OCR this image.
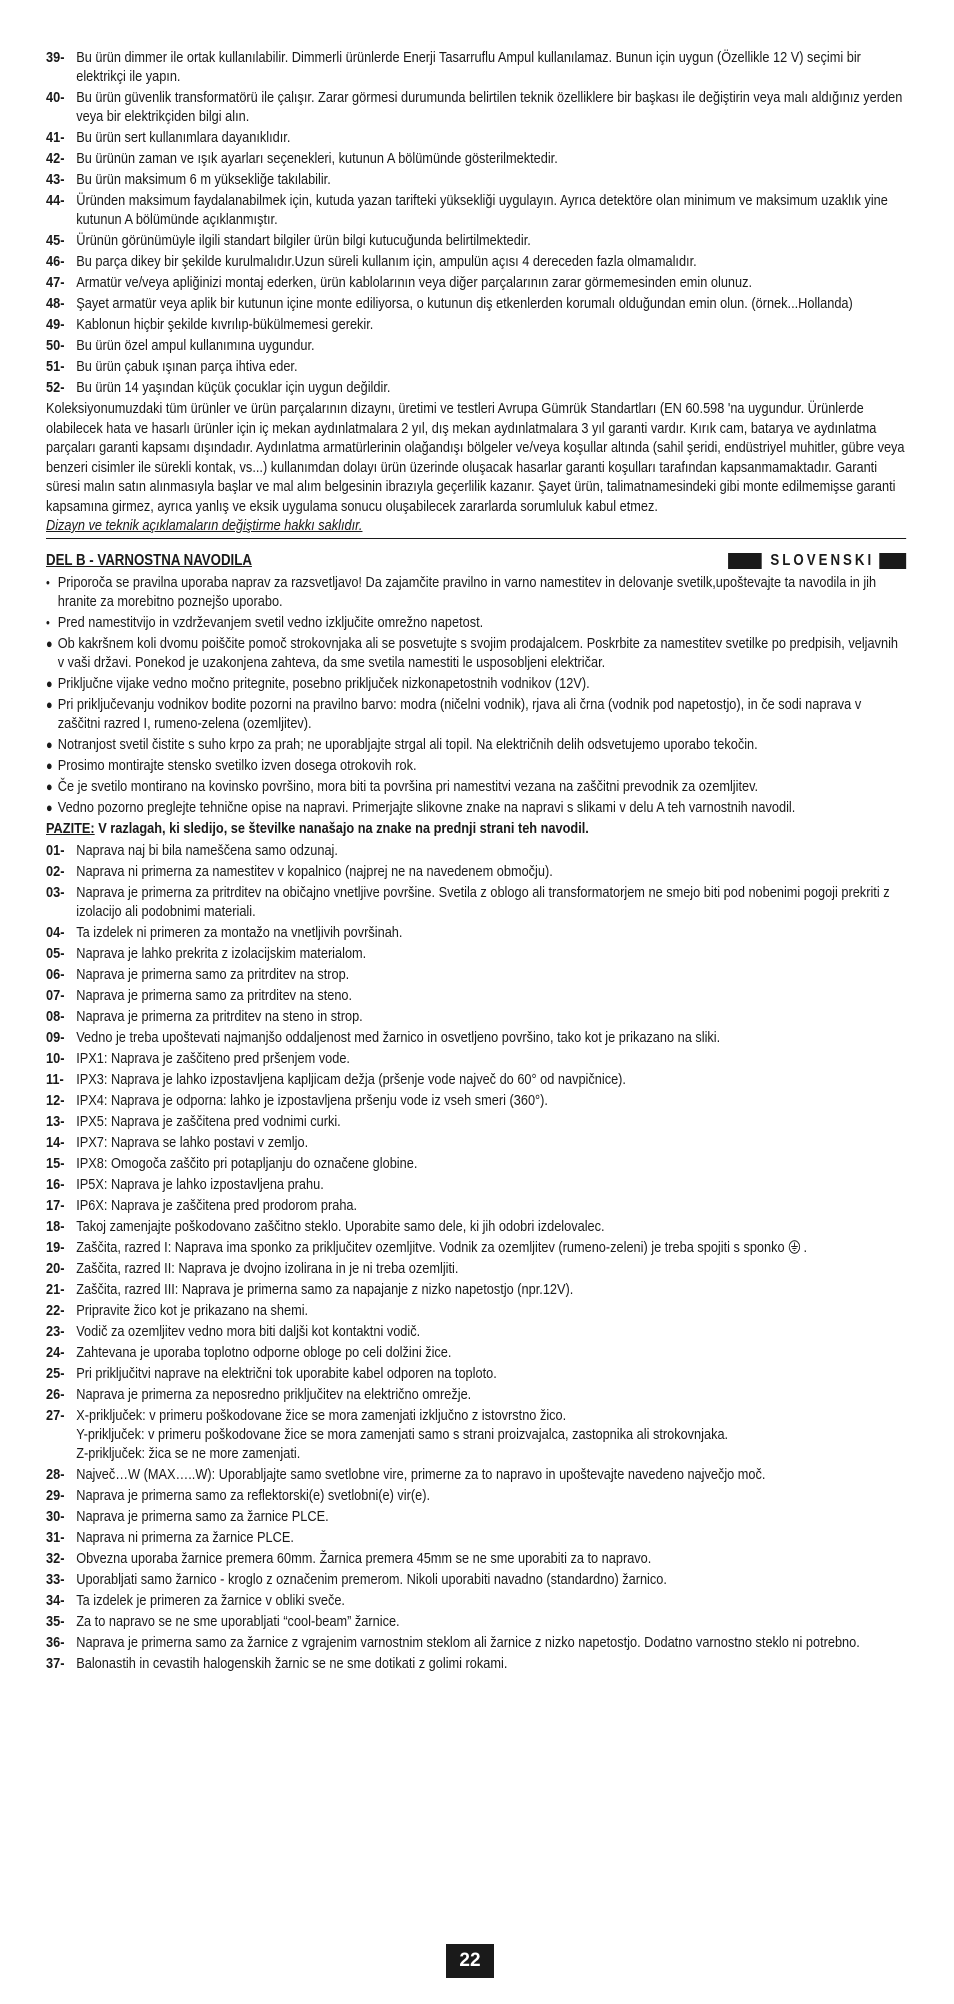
39- Bu ürün dimmer ile ortak kullanılabilir. Dimmerli ürünlerde Enerji Tasarruflu Ampul kullanılamaz. Bunun için uygun (Özellikle 12 V) seçimi bir elektrikçi ile yapın.
40- Bu ürün güvenlik transformatörü ile çalışır. Zarar görmesi durumunda belirtilen teknik özelliklere bir başkası ile değiştirin veya malı aldığınız yerden veya bir elektrikçiden bilgi alın.
41- Bu ürün sert kullanımlara dayanıklıdır.
42- Bu ürünün zaman ve ışık ayarları seçenekleri, kutunun A bölümünde gösterilmektedir.
43- Bu ürün maksimum 6 m yüksekliğe takılabilir.
44- Üründen maksimum faydalanabilmek için, kutuda yazan tarifteki yüksekliği uygulayın. Ayrıca detektöre olan minimum ve maksimum uzaklık yine kutunun A bölümünde açıklanmıştır.
45- Ürünün görünümüyle ilgili standart bilgiler ürün bilgi kutucuğunda belirtilmektedir.
46- Bu parça dikey bir şekilde kurulmalıdır.Uzun süreli kullanım için, ampulün açısı 4 dereceden fazla olmamalıdır.
47- Armatür ve/veya apliğinizi montaj ederken, ürün kablolarının veya diğer parçalarının zarar görmemesinden emin olunuz.
48- Şayet armatür veya aplik bir kutunun içine monte ediliyorsa, o kutunun diş etkenlerden korumalı olduğundan emin olun. (örnek...Hollanda)
49- Kablonun hiçbir şekilde kıvrılıp-bükülmemesi gerekir.
50- Bu ürün özel ampul kullanımına uygundur.
51- Bu ürün çabuk ışınan parça ihtiva eder.
52- Bu ürün 14 yaşından küçük çocuklar için uygun değildir.

Koleksiyonumuzdaki tüm ürünler ve ürün parçalarının dizaynı, üretimi ve testleri Avrupa Gümrük Standartları (EN 60.598 'na uygundur. Ürünlerde olabilecek hata ve hasarlı ürünler için iç mekan aydınlatmalara 2 yıl, dış mekan aydınlatmalara 3 yıl garanti vardır. Kırık cam, batarya ve aydınlatma parçaları garanti kapsamı dışındadır. Aydınlatma armatürlerinin olağandışı bölgeler ve/veya koşullar altında (sahil şeridi, endüstriyel muhitler, gübre veya benzeri cisimler ile sürekli kontak, vs...) kullanımdan dolayı ürün üzerinde oluşacak hasarlar garanti koşulları tarafından kapsanmamaktadır. Garanti süresi malın satın alınmasıyla başlar ve mal alım belgesinin ibrazıyla geçerlilik kazanır. Şayet ürün, talimatnamesindeki gibi monte edilmemişse garanti kapsamına girmez, ayrıca yanlış ve eksik uygulama sonucu oluşabilecek zararlarda sorumluluk kabul etmez.

Dizayn ve teknik açıklamaların değiştirme hakkı saklıdır.

DEL B - VARNOSTNA NAVODILA	SLOVENSKI
• Priporoča se pravilna uporaba naprav za razsvetljavo! Da zajamčite pravilno in varno namestitev in delovanje svetilk,upoštevajte ta navodila in jih hranite za morebitno poznejšo uporabo.
• Pred namestitvijo in vzdrževanjem svetil vedno izključite omrežno napetost.
● Ob kakršnem koli dvomu poiščite pomoč strokovnjaka ali se posvetujte s svojim prodajalcem. Poskrbite za namestitev svetilke po predpisih, veljavnih v vaši državi. Ponekod je uzakonjena zahteva, da sme svetila namestiti le usposobljeni električar.
● Priključne vijake vedno močno pritegnite, posebno priključek nizkonapetostnih vodnikov (12V).
● Pri priključevanju vodnikov bodite pozorni na pravilno barvo: modra (ničelni vodnik), rjava ali črna (vodnik pod napetostjo), in če sodi naprava v zaščitni razred I, rumeno-zelena (ozemljitev).
● Notranjost svetil čistite s suho krpo za prah; ne uporabljajte strgal ali topil. Na električnih delih odsvetujemo uporabo tekočin.
● Prosimo montirajte stensko svetilko izven dosega otrokovih rok.
● Če je svetilo montirano na kovinsko površino, mora biti ta površina pri namestitvi vezana na zaščitni prevodnik za ozemljitev.
● Vedno pozorno preglejte tehnične opise na napravi. Primerjajte slikovne znake na napravi s slikami v delu A teh varnostnih navodil.

PAZITE: V razlagah, ki sledijo, se številke nanašajo na znake na prednji strani teh navodil.

01- Naprava naj bi bila nameščena samo odzunaj.
02- Naprava ni primerna za namestitev v kopalnico (najprej ne na navedenem območju).
03- Naprava je primerna za pritrditev na običajno vnetljive površine. Svetila z oblogo ali transformatorjem ne smejo biti pod nobenimi pogoji prekriti z izolacijo ali podobnimi materiali.
04- Ta izdelek ni primeren za montažo na vnetljivih površinah.
05- Naprava je lahko prekrita z izolacijskim materialom.
06- Naprava je primerna samo za pritrditev na strop.
07- Naprava je primerna samo za pritrditev na steno.
08- Naprava je primerna za pritrditev na steno in strop.
09- Vedno je treba upoštevati najmanjšo oddaljenost med žarnico in osvetljeno površino, tako kot je prikazano na sliki.
10- IPX1: Naprava je zaščiteno pred pršenjem vode.
11- IPX3: Naprava je lahko izpostavljena kapljicam dežja (pršenje vode največ do 60° od navpičnice).
12- IPX4: Naprava je odporna: lahko je izpostavljena pršenju vode iz vseh smeri (360°).
13- IPX5: Naprava je zaščitena pred vodnimi curki.
14- IPX7: Naprava se lahko postavi v zemljo.
15- IPX8: Omogoča zaščito pri potapljanju do označene globine.
16- IP5X: Naprava je lahko izpostavljena prahu.
17- IP6X: Naprava je zaščitena pred prodorom praha.
18- Takoj zamenjajte poškodovano zaščitno steklo. Uporabite samo dele, ki jih odobri izdelovalec.
19- Zaščita, razred I: Naprava ima sponko za priključitev ozemljitve. Vodnik za ozemljitev (rumeno-zeleni) je treba spojiti s sponko  .
20- Zaščita, razred II: Naprava je dvojno izolirana in je ni treba ozemljiti.
21- Zaščita, razred III: Naprava je primerna samo za napajanje z nizko napetostjo (npr.12V).
22- Pripravite žico kot je prikazano na shemi.
23- Vodič za ozemljitev vedno mora biti daljši kot kontaktni vodič.
24- Zahtevana je uporaba toplotno odporne obloge po celi dolžini žice.
25- Pri priključitvi naprave na električni tok uporabite kabel odporen na toploto.
26- Naprava je primerna za neposredno priključitev na električno omrežje.
27- X-priključek: v primeru poškodovane žice se mora zamenjati izključno z istovrstno žico.
Y-priključek: v primeru poškodovane žice se mora zamenjati samo s strani proizvajalca, zastopnika ali strokovnjaka.
Z-priključek: žica se ne more zamenjati.
28- Največ…W (MAX…..W): Uporabljajte samo svetlobne vire, primerne za to napravo in upoštevajte navedeno največjo moč.
29- Naprava je primerna samo za reflektorski(e) svetlobni(e) vir(e).
30- Naprava je primerna samo za žarnice PLCE.
31- Naprava ni primerna za žarnice PLCE.
32- Obvezna uporaba žarnice premera 60mm. Žarnica premera 45mm se ne sme uporabiti za to napravo.
33- Uporabljati samo žarnico - kroglo z označenim premerom. Nikoli uporabiti navadno (standardno) žarnico.
34- Ta izdelek je primeren za žarnice v obliki sveče.
35- Za to napravo se ne sme uporabljati “cool-beam” žarnice.
36- Naprava je primerna samo za žarnice z vgrajenim varnostnim steklom ali žarnice z nizko napetostjo. Dodatno varnostno steklo ni potrebno.
37- Balonastih in cevastih halogenskih žarnic se ne sme dotikati z golimi rokami.
22
